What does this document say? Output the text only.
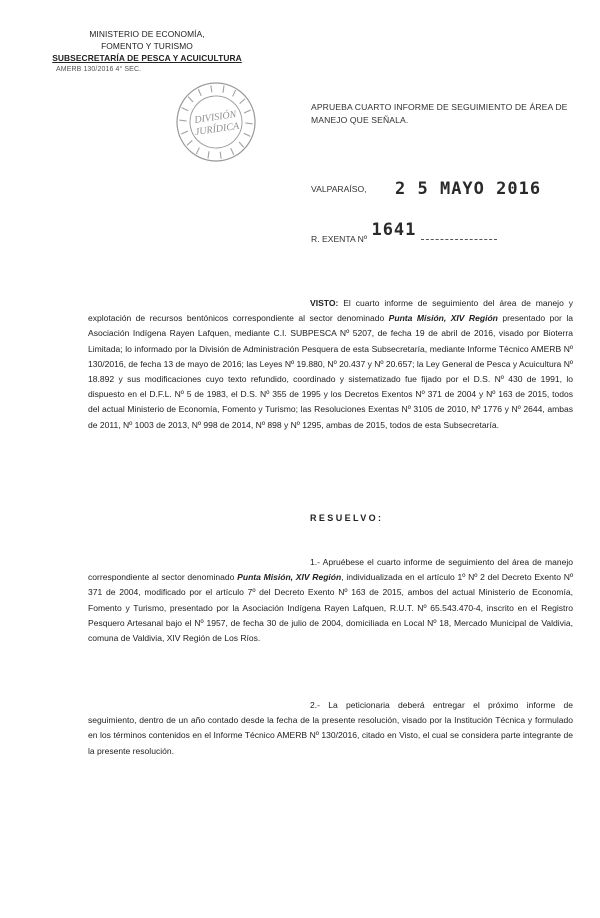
MINISTERIO DE ECONOMÍA,
FOMENTO Y TURISMO
SUBSECRETARÍA DE PESCA Y ACUICULTURA
AMERB 130/2016 4° SEC.
DIVISIÓN
JURÍDICA
APRUEBA CUARTO INFORME DE SEGUIMIENTO DE ÁREA DE MANEJO QUE SEÑALA.
VALPARAÍSO, 2 5 MAYO 2016
R. EXENTA Nº 1641
VISTO: El cuarto informe de seguimiento del área de manejo y explotación de recursos bentónicos correspondiente al sector denominado Punta Misión, XIV Región presentado por la Asociación Indígena Rayen Lafquen, mediante C.I. SUBPESCA Nº 5207, de fecha 19 de abril de 2016, visado por Bioterra Limitada; lo informado por la División de Administración Pesquera de esta Subsecretaría, mediante Informe Técnico AMERB Nº 130/2016, de fecha 13 de mayo de 2016; las Leyes Nº 19.880, Nº 20.437 y Nº 20.657; la Ley General de Pesca y Acuicultura Nº 18.892 y sus modificaciones cuyo texto refundido, coordinado y sistematizado fue fijado por el D.S. Nº 430 de 1991, lo dispuesto en el D.F.L. Nº 5 de 1983, el D.S. Nº 355 de 1995 y los Decretos Exentos Nº 371 de 2004 y Nº 163 de 2015, todos del actual Ministerio de Economía, Fomento y Turismo; las Resoluciones Exentas Nº 3105 de 2010, Nº 1776 y Nº 2644, ambas de 2011, Nº 1003 de 2013, Nº 998 de 2014, Nº 898 y Nº 1295, ambas de 2015, todos de esta Subsecretaría.
RESUELVO:
1.- Apruébese el cuarto informe de seguimiento del área de manejo correspondiente al sector denominado Punta Misión, XIV Región, individualizada en el artículo 1º Nº 2 del Decreto Exento Nº 371 de 2004, modificado por el artículo 7º del Decreto Exento Nº 163 de 2015, ambos del actual Ministerio de Economía, Fomento y Turismo, presentado por la Asociación Indígena Rayen Lafquen, R.U.T. Nº 65.543.470-4, inscrito en el Registro Pesquero Artesanal bajo el Nº 1957, de fecha 30 de julio de 2004, domiciliada en Local Nº 18, Mercado Municipal de Valdivia, comuna de Valdivia, XIV Región de Los Ríos.
2.- La peticionaria deberá entregar el próximo informe de seguimiento, dentro de un año contado desde la fecha de la presente resolución, visado por la Institución Técnica y formulado en los términos contenidos en el Informe Técnico AMERB Nº 130/2016, citado en Visto, el cual se considera parte integrante de la presente resolución.
